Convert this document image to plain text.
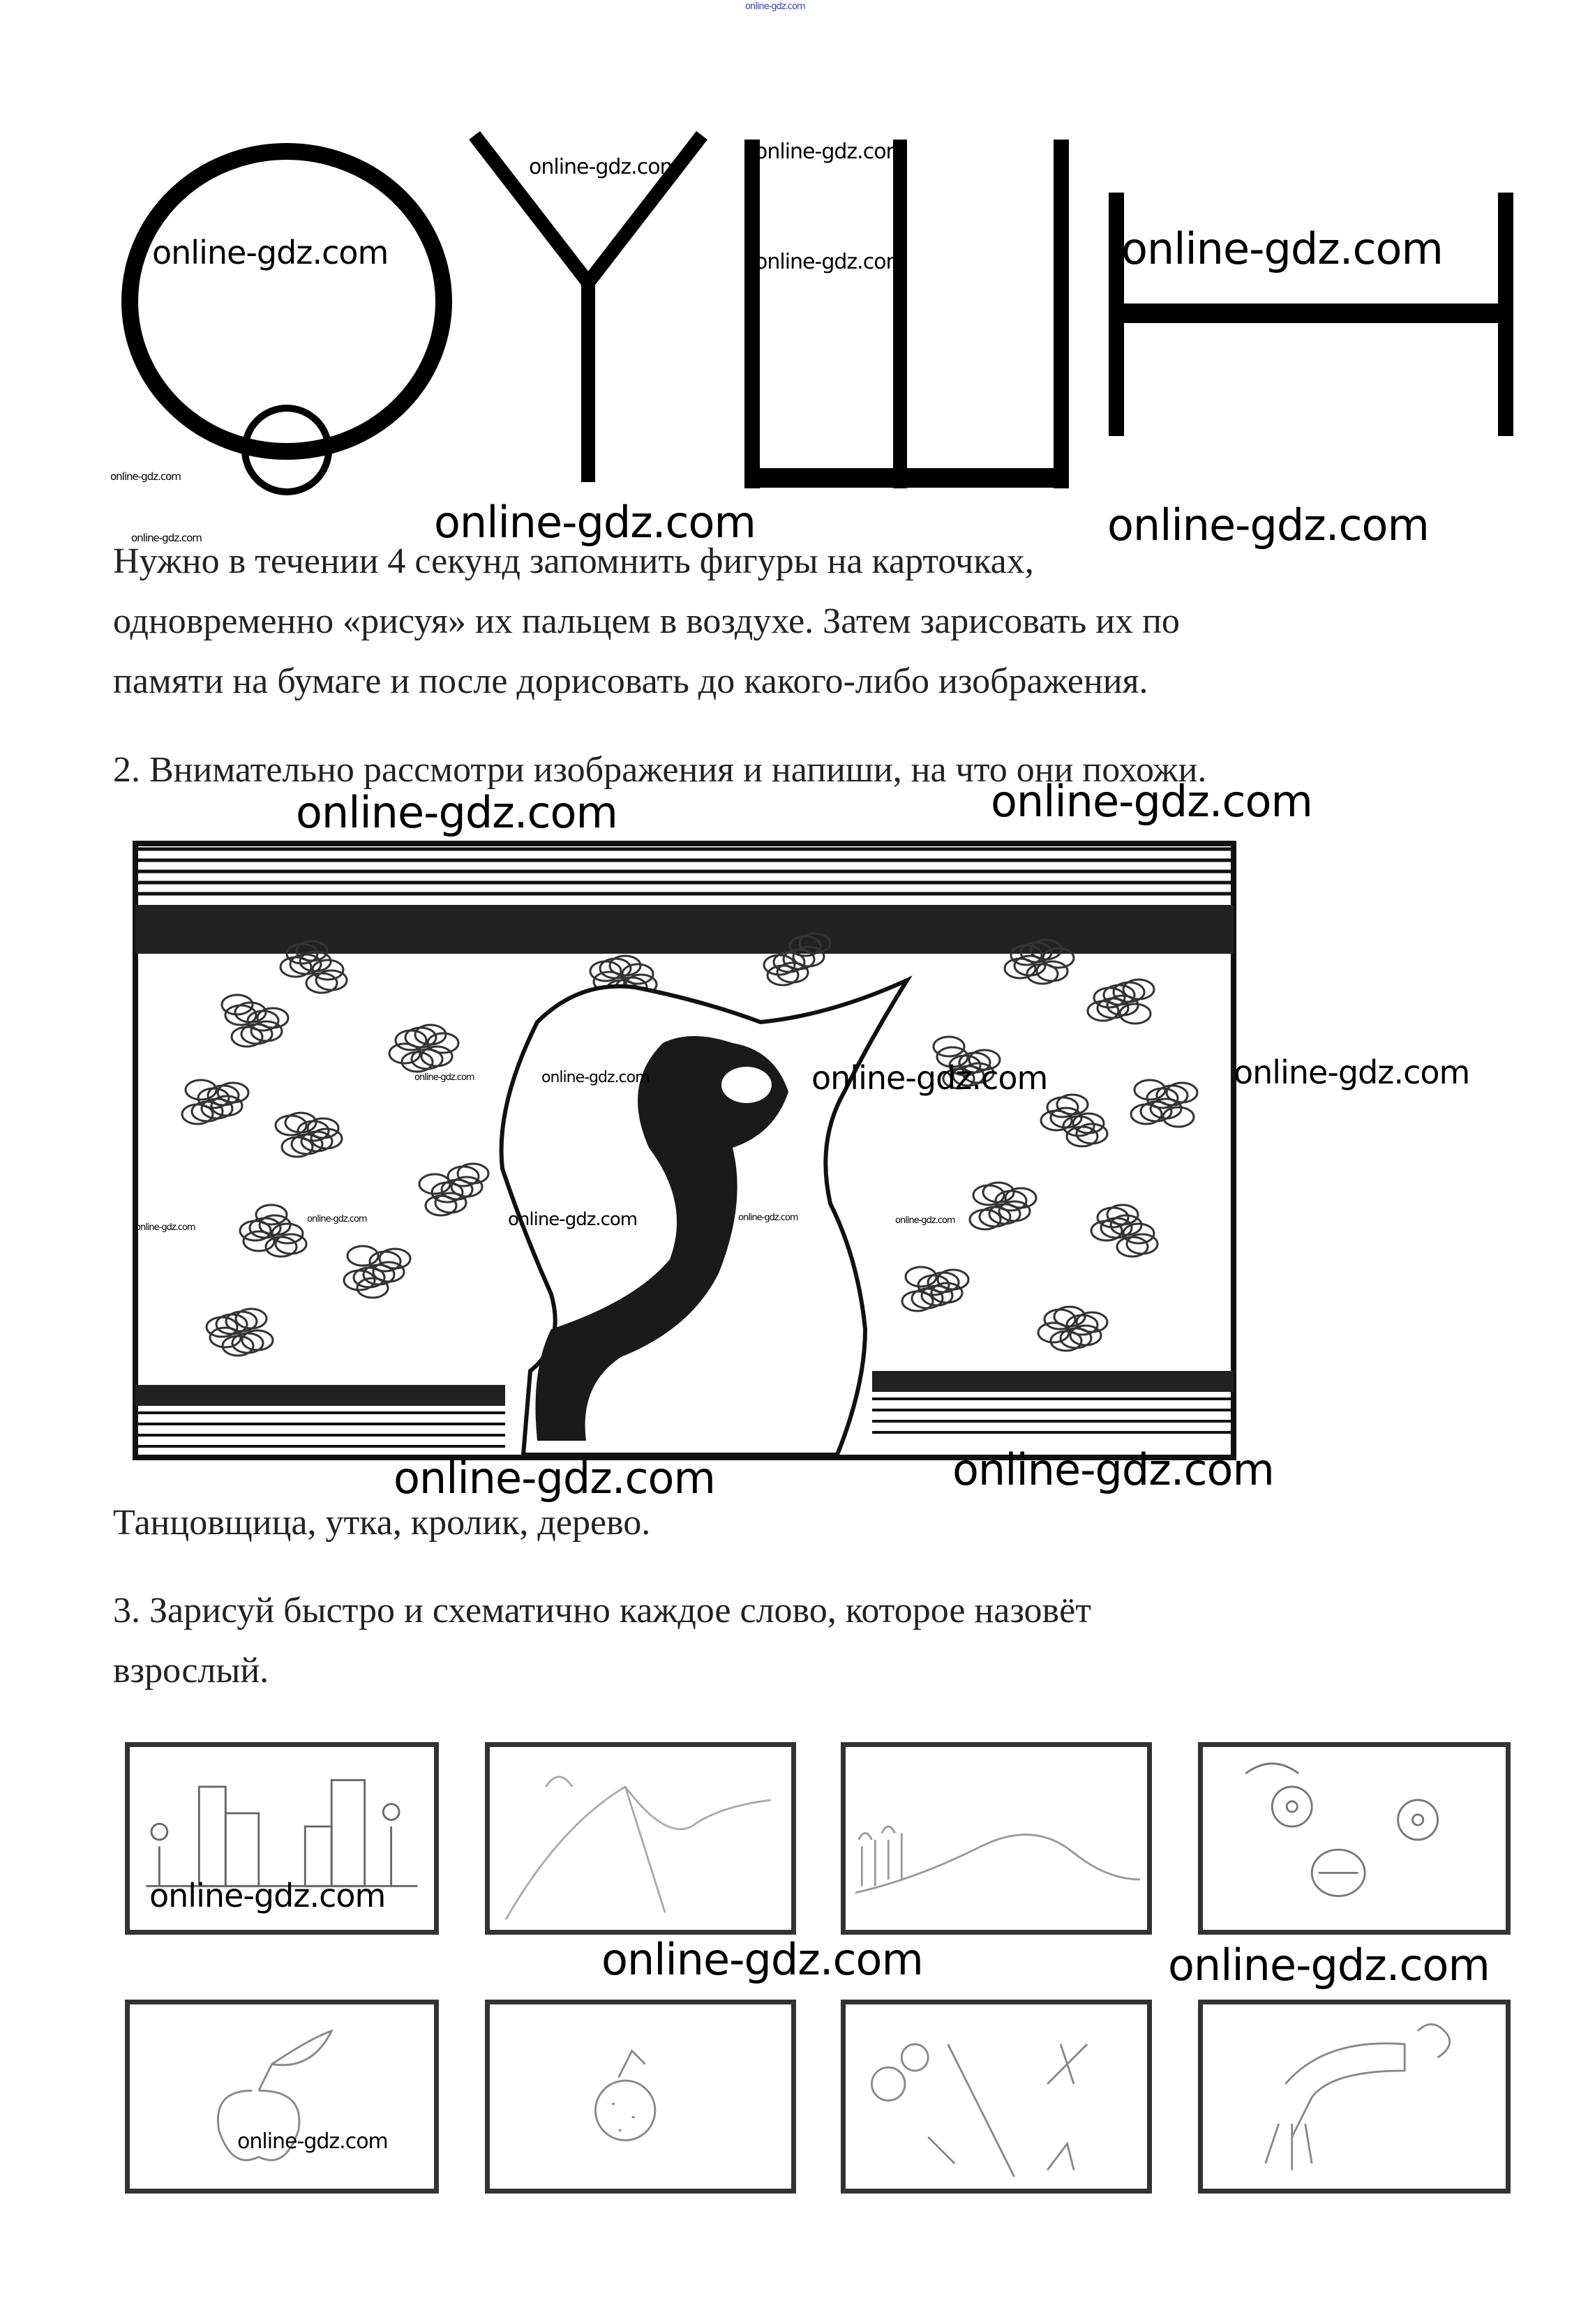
online-gdz.com
online-gdz.com
online-gdz.com
online-gdz.com
online-gdz.com	online-gdz.com
online-gdz.com
online-gdz.com	online-gdz.com	online-gdz.com
Нужно в течении 4 секунд запомнить фигуры на карточках,
одновременно «рисуя» их пальцем в воздухе. Затем зарисовать их по
памяти на бумаге и после дорисовать до какого-либо изображения.
2. Внимательно рассмотри изображения и напиши, на что они похожи.
online-gdz.com	online-gdz.com
online-gdz.com	online-gdz.com
online-gdz.com
online-gdz.com
online-gdz.com
online-gdz.com
online-gdz.com	online-gdz.com	online-gdz.com
online-gdz.com	online-gdz.com
Танцовщица, утка, кролик, дерево.
3. Зарисуй быстро и схематично каждое слово, которое назовёт
взрослый.
online-gdz.com
online-gdz.com	online-gdz.com
online-gdz.com
